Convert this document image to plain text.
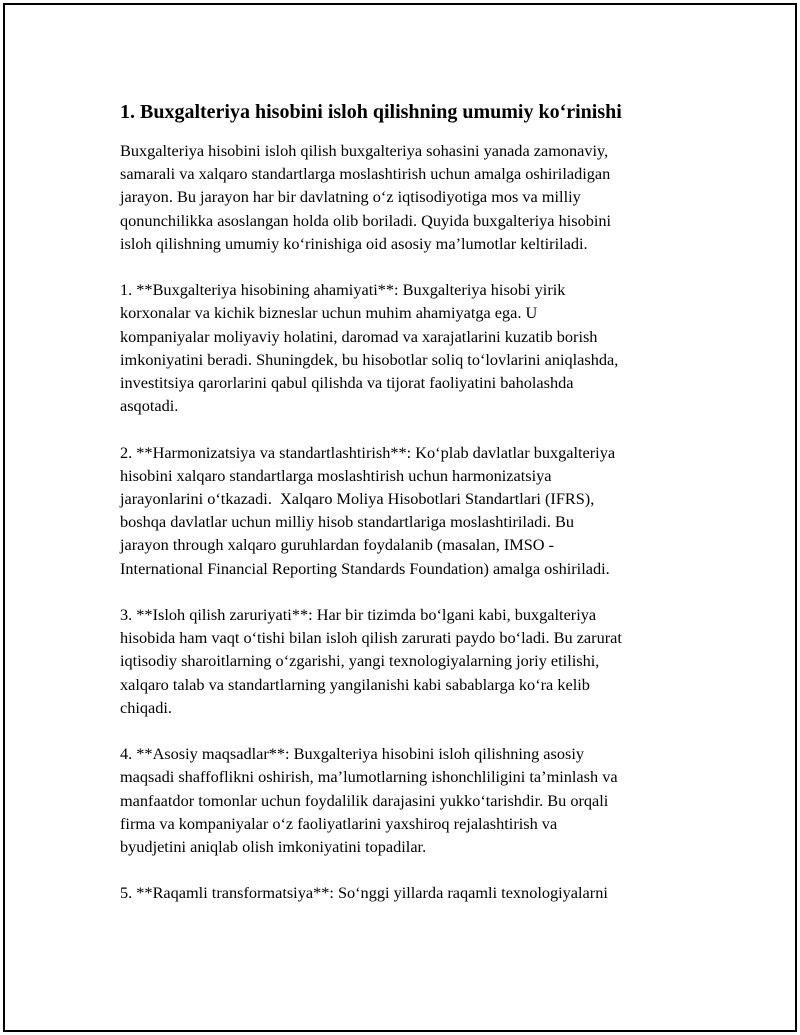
1. Buxgalteriya hisobini isloh qilishning umumiy ko‘rinishi
Buxgalteriya hisobini isloh qilish buxgalteriya sohasini yanada zamonaviy,
samarali va xalqaro standartlarga moslashtirish uchun amalga oshiriladigan
jarayon. Bu jarayon har bir davlatning o‘z iqtisodiyotiga mos va milliy
qonunchilikka asoslangan holda olib boriladi. Quyida buxgalteriya hisobini
isloh qilishning umumiy ko‘rinishiga oid asosiy ma’lumotlar keltiriladi.
1. **Buxgalteriya hisobining ahamiyati**: Buxgalteriya hisobi yirik
korxonalar va kichik bizneslar uchun muhim ahamiyatga ega. U
kompaniyalar moliyaviy holatini, daromad va xarajatlarini kuzatib borish
imkoniyatini beradi. Shuningdek, bu hisobotlar soliq to‘lovlarini aniqlashda,
investitsiya qarorlarini qabul qilishda va tijorat faoliyatini baholashda
asqotadi.
2. **Harmonizatsiya va standartlashtirish**: Ko‘plab davlatlar buxgalteriya
hisobini xalqaro standartlarga moslashtirish uchun harmonizatsiya
jarayonlarini o‘tkazadi.  Xalqaro Moliya Hisobotlari Standartlari (IFRS),
boshqa davlatlar uchun milliy hisob standartlariga moslashtiriladi. Bu
jarayon through xalqaro guruhlardan foydalanib (masalan, IMSO -
International Financial Reporting Standards Foundation) amalga oshiriladi.
3. **Isloh qilish zaruriyati**: Har bir tizimda bo‘lgani kabi, buxgalteriya
hisobida ham vaqt o‘tishi bilan isloh qilish zarurati paydo bo‘ladi. Bu zarurat
iqtisodiy sharoitlarning o‘zgarishi, yangi texnologiyalarning joriy etilishi,
xalqaro talab va standartlarning yangilanishi kabi sabablarga ko‘ra kelib
chiqadi.
4. **Asosiy maqsadlar**: Buxgalteriya hisobini isloh qilishning asosiy
maqsadi shaffoflikni oshirish, ma’lumotlarning ishonchliligini ta’minlash va
manfaatdor tomonlar uchun foydalilik darajasini yukko‘tarishdir. Bu orqali
firma va kompaniyalar o‘z faoliyatlarini yaxshiroq rejalashtirish va
byudjetini aniqlab olish imkoniyatini topadilar.
5. **Raqamli transformatsiya**: So‘nggi yillarda raqamli texnologiyalarni
